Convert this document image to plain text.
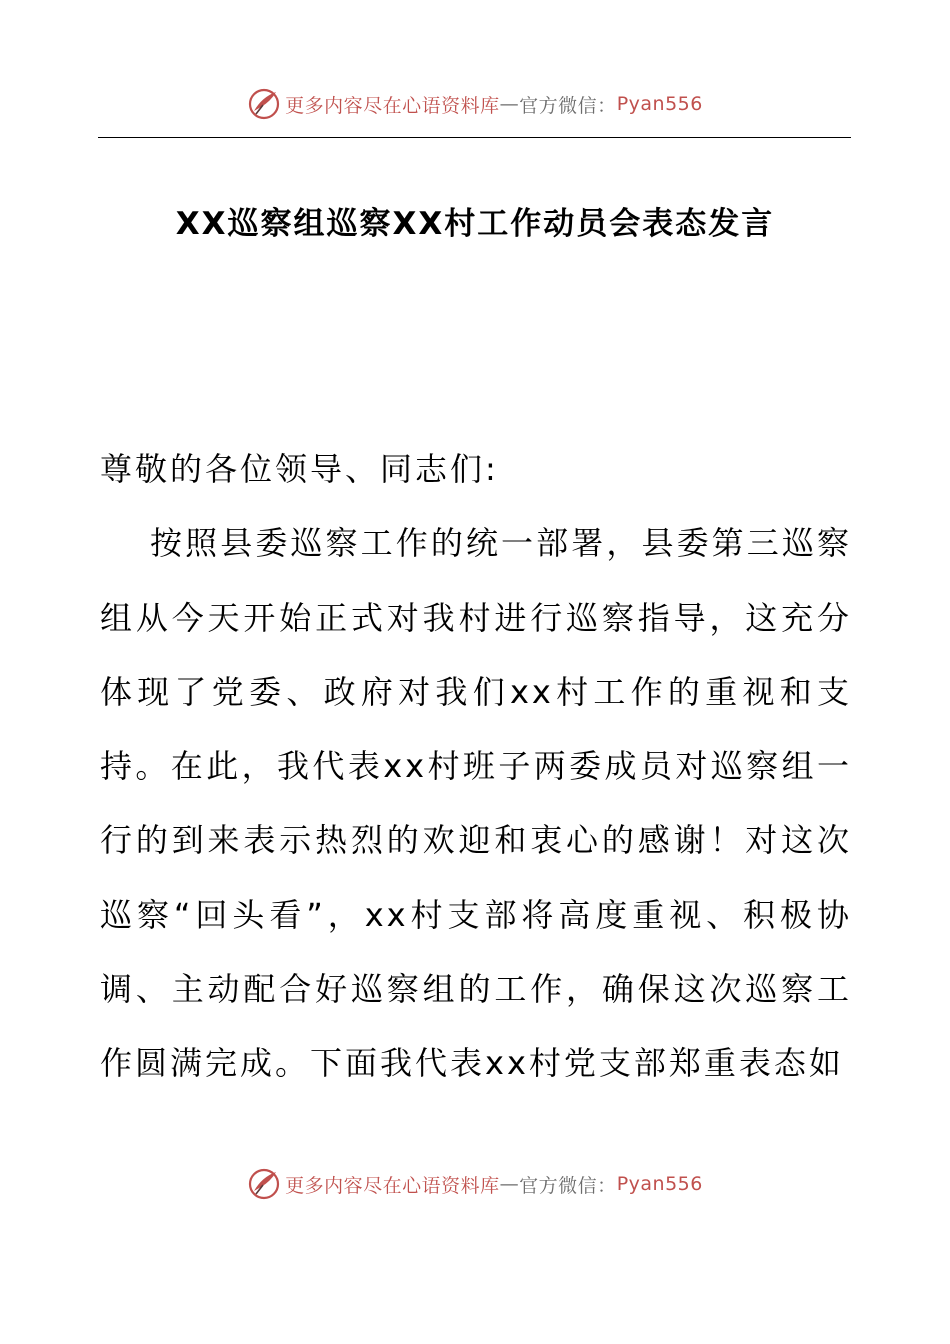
更多内容尽在心语资料库 — 官方微信： Pyan556
XX巡察组巡察XX村工作动员会表态发言

尊敬的各位领导、同志们:

按照县委巡察工作的统一部署，县委第三巡察组从今天开始正式对我村进行巡察指导，这充分体现了党委、政府对我们xx村工作的重视和支持。在此，我代表xx村班子两委成员对巡察组一行的到来表示热烈的欢迎和衷心的感谢！对这次巡察“回头看”，xx村支部将高度重视、积极协调、主动配合好巡察组的工作，确保这次巡察工作圆满完成。下面我代表xx村党支部郑重表态如

更多内容尽在心语资料库 — 官方微信： Pyan556
